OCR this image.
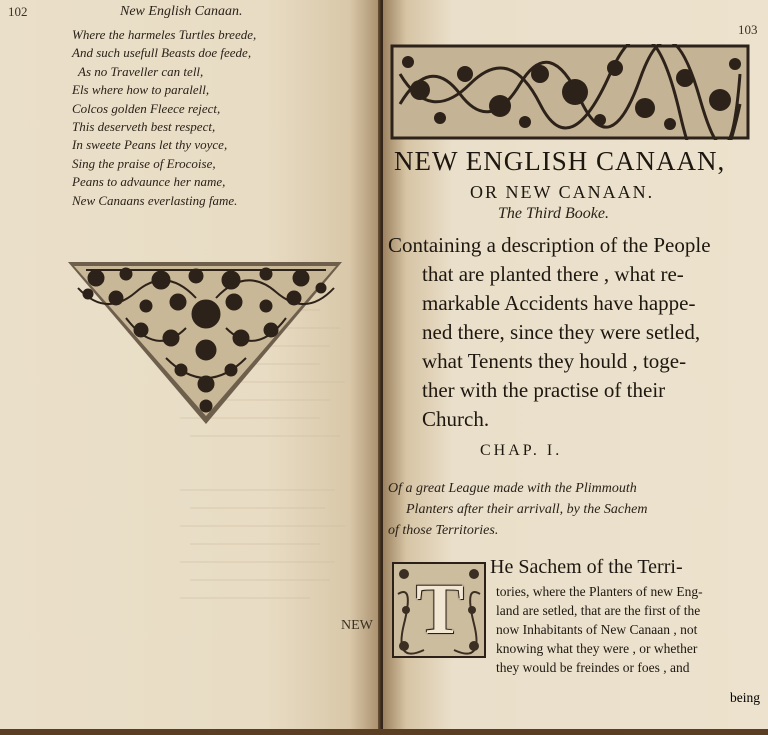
102	New English Canaan.
Where the harmeles Turtles breede,
And such usefull Beasts doe feede,
As no Traveller can tell,
Els where how to paralell,
Colcos golden Fleece reject,
This deserveth best respect,
In sweete Peans let thy voyce,
Sing the praise of Erocoise,
Peans to advaunce her name,
New Canaans everlasting fame.
NEW
103
NEW ENGLISH CANAAN,
OR NEW CANAAN.
The Third Booke.
Containing a description of the People
that are planted there , what re-
markable Accidents have happe-
ned there, since they were setled,
what Tenents they hould , toge-
ther with the practise of their
Church.
CHAP. I.
Of a great League made with the Plimmouth
Planters after their arrivall, by the Sachem
of those Territories.
T
He Sachem of the Terri-
tories, where the Planters of new Eng-
land are setled, that are the first of the
now Inhabitants of New Canaan , not
knowing what they were , or whether
they would be freindes or foes , and
being
